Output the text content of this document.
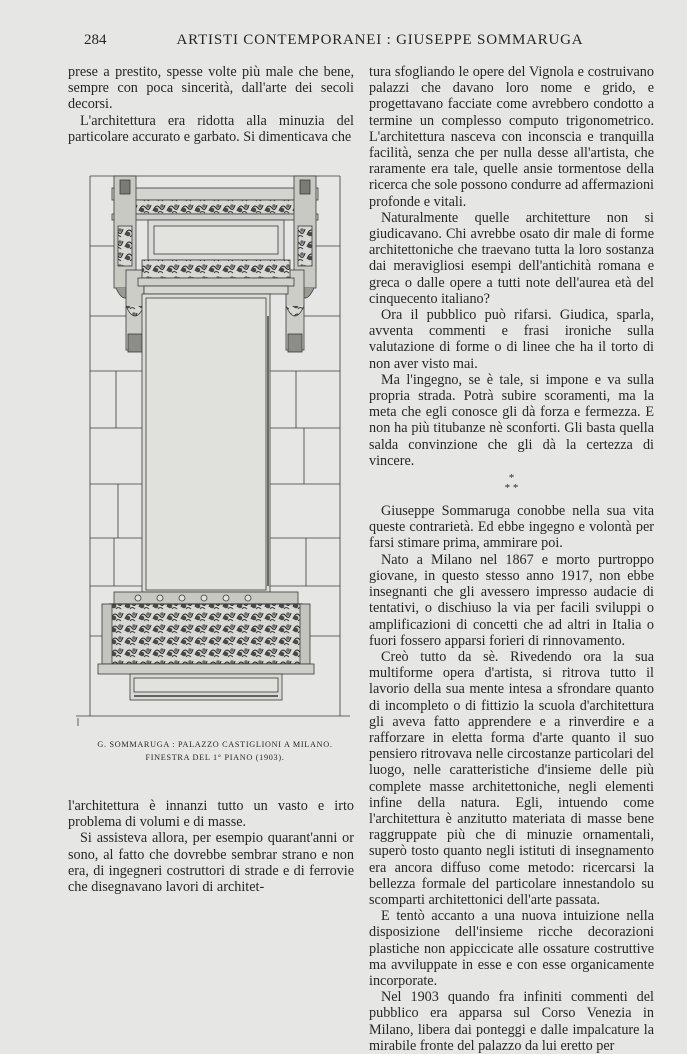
284	ARTISTI CONTEMPORANEI : GIUSEPPE SOMMARUGA

prese a prestito, spesse volte più male che bene, sempre con poca sincerità, dall'arte dei secoli decorsi.

L'architettura era ridotta alla minuzia del particolare accurato e garbato. Si dimenticava che

G. SOMMARUGA : PALAZZO CASTIGLIONI A MILANO.
FINESTRA DEL 1° PIANO (1903).

l'architettura è innanzi tutto un vasto e irto problema di volumi e di masse.

Si assisteva allora, per esempio quarant'anni or sono, al fatto che dovrebbe sembrar strano e non era, di ingegneri costruttori di strade e di ferrovie che disegnavano lavori di architet-

tura sfogliando le opere del Vignola e costruivano palazzi che davano loro nome e grido, e progettavano facciate come avrebbero condotto a termine un complesso computo trigonometrico. L'architettura nasceva con inconscia e tranquilla facilità, senza che per nulla desse all'artista, che raramente era tale, quelle ansie tormentose della ricerca che sole possono condurre ad affermazioni profonde e vitali.

Naturalmente quelle architetture non si giudicavano. Chi avrebbe osato dir male di forme architettoniche che traevano tutta la loro sostanza dai meravigliosi esempi dell'antichità romana e greca o dalle opere a tutti note dell'aurea età del cinquecento italiano?

Ora il pubblico può rifarsi. Giudica, sparla, avventa commenti e frasi ironiche sulla valutazione di forme o di linee che ha il torto di non aver visto mai.

Ma l'ingegno, se è tale, si impone e va sulla propria strada. Potrà subire scoramenti, ma la meta che egli conosce gli dà forza e fermezza. E non ha più titubanze nè sconforti. Gli basta quella salda convinzione che gli dà la certezza di vincere.

*
* *

Giuseppe Sommaruga conobbe nella sua vita queste contrarietà. Ed ebbe ingegno e volontà per farsi stimare prima, ammirare poi.

Nato a Milano nel 1867 e morto purtroppo giovane, in questo stesso anno 1917, non ebbe insegnanti che gli avessero impresso audacie di tentativi, o dischiuso la via per facili sviluppi o amplificazioni di concetti che ad altri in Italia o fuori fossero apparsi forieri di rinnovamento.

Creò tutto da sè. Rivedendo ora la sua multiforme opera d'artista, si ritrova tutto il lavorio della sua mente intesa a sfrondare quanto di incompleto o di fittizio la scuola d'architettura gli aveva fatto apprendere e a rinverdire e a rafforzare in eletta forma d'arte quanto il suo pensiero ritrovava nelle circostanze particolari del luogo, nelle caratteristiche d'insieme delle più complete masse architettoniche, negli elementi infine della natura. Egli, intuendo come l'architettura è anzitutto materiata di masse bene raggruppate più che di minuzie ornamentali, superò tosto quanto negli istituti di insegnamento era ancora diffuso come metodo: ricercarsi la bellezza formale del particolare innestandolo su scomparti architettonici dell'arte passata.

E tentò accanto a una nuova intuizione nella disposizione dell'insieme ricche decorazioni plastiche non appiccicate alle ossature costruttive ma avviluppate in esse e con esse organicamente incorporate.

Nel 1903 quando fra infiniti commenti del pubblico era apparsa sul Corso Venezia in Milano, libera dai ponteggi e dalle impalcature la mirabile fronte del palazzo da lui eretto per
